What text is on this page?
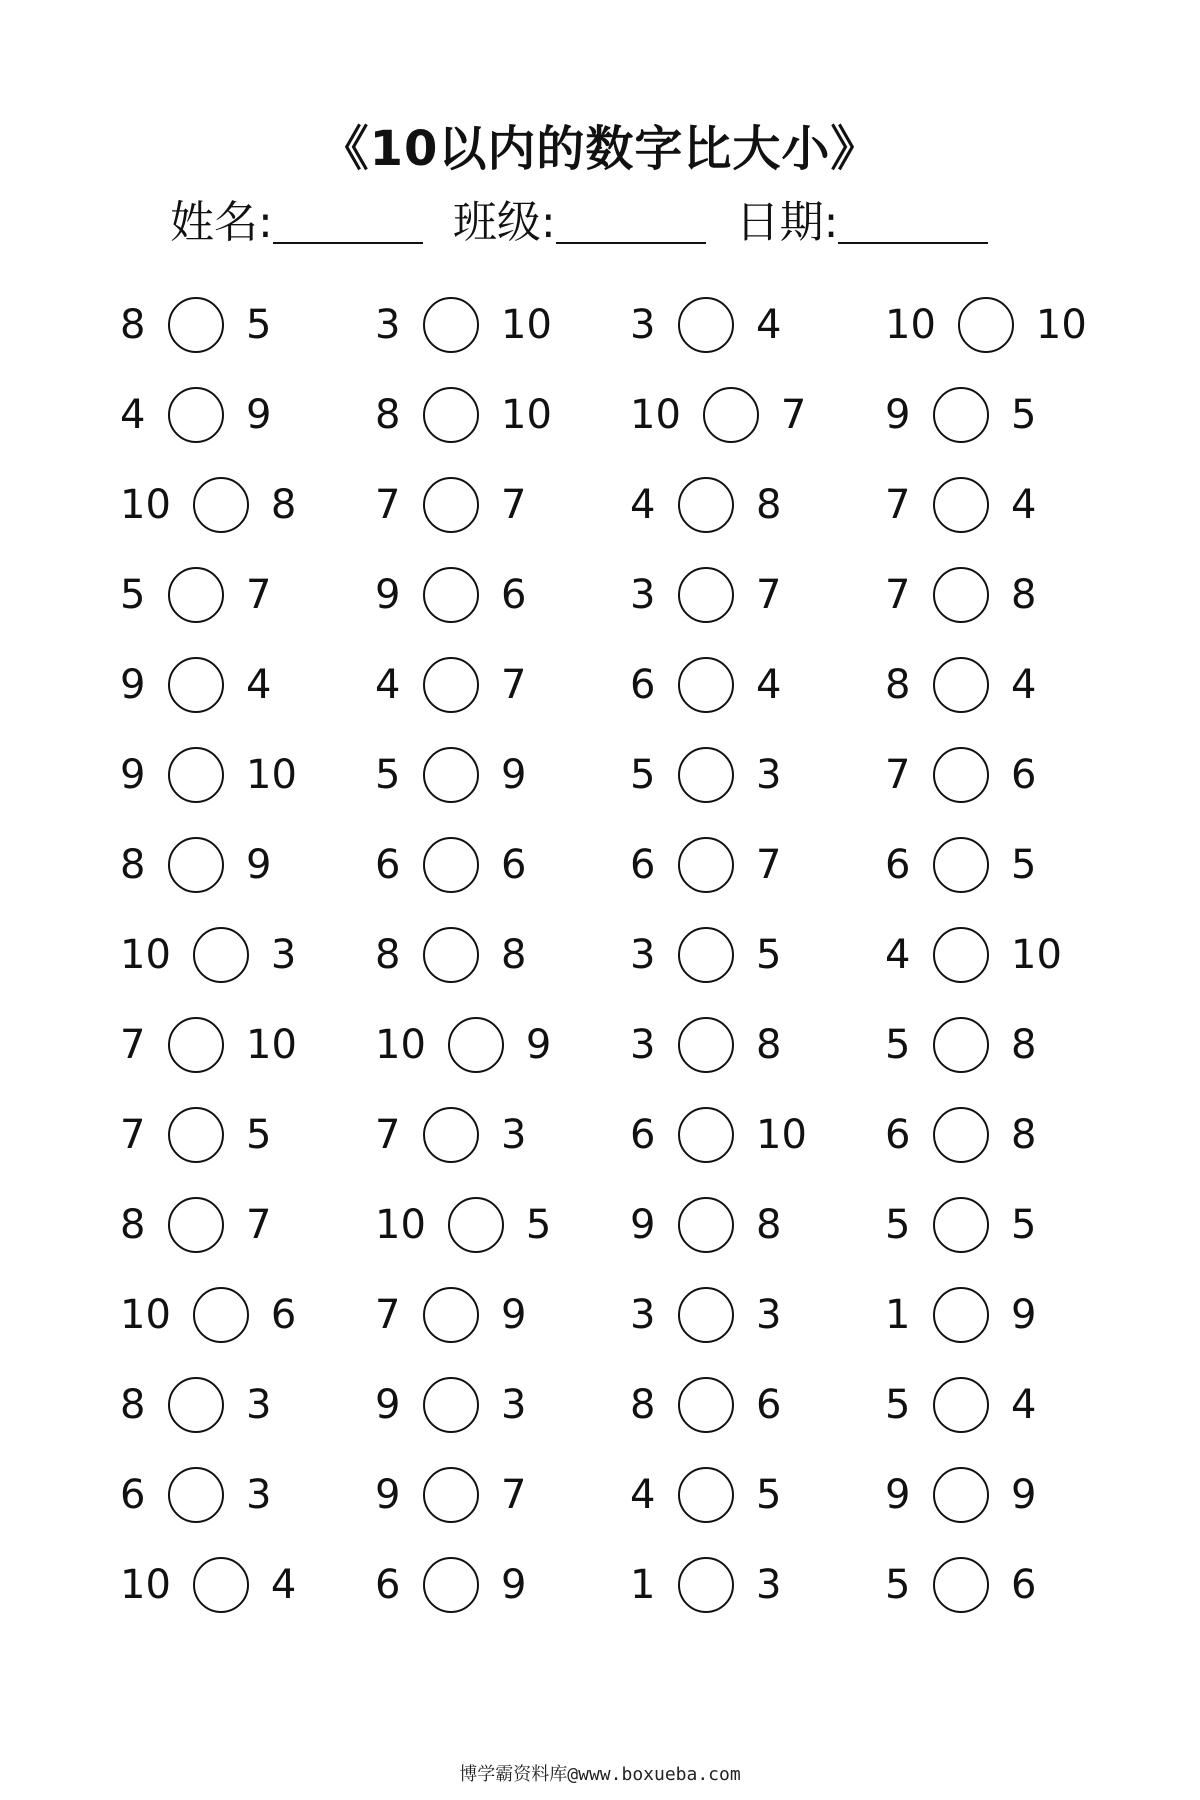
《10以内的数字比大小》
姓名:	班级:	日期:
8	5	3	10 3	4	10	10
4	9	8	10 10	7 9	5
10	8 7	7	4	8	7	4
5	7	9	6	3	7	7	8
9	4	4	7	6	4	8	4
9	10 5	9	5	3	7	6
8	9	6	6	6	7	6	5
10	3 8	8	3	5	4	10
7	10 10	9 3	8	5	8
7	5	7	3	6	10 6	8
8	7	10	5 9	8	5	5
10	6 7	9	3	3	1	9
8	3	9	3	8	6	5	4
6	3	9	7	4	5	9	9
10	4 6	9	1	3	5	6
博学霸资料库@www.boxueba.com
